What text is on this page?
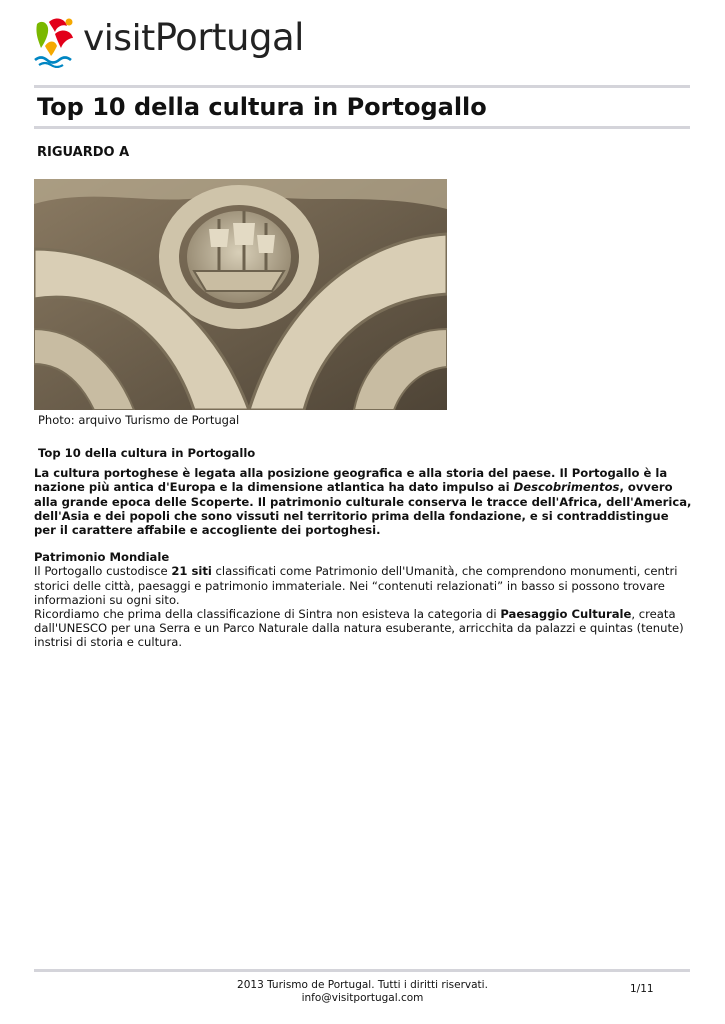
visitPortugal
Top 10 della cultura in Portogallo
RIGUARDO A
Photo: arquivo Turismo de Portugal

Top 10 della cultura in Portogallo

La cultura portoghese è legata alla posizione geografica e alla storia del paese. Il Portogallo è la nazione più antica d'Europa e la dimensione atlantica ha dato impulso ai Descobrimentos, ovvero alla grande epoca delle Scoperte. Il patrimonio culturale conserva le tracce dell'Africa, dell'America, dell'Asia e dei popoli che sono vissuti nel territorio prima della fondazione, e si contraddistingue per il carattere affabile e accogliente dei portoghesi.

Patrimonio Mondiale

Il Portogallo custodisce 21 siti classificati come Patrimonio dell'Umanità, che comprendono monumenti, centri storici delle città, paesaggi e patrimonio immateriale. Nei “contenuti relazionati” in basso si possono trovare informazioni su ogni sito.

Ricordiamo che prima della classificazione di Sintra non esisteva la categoria di Paesaggio Culturale, creata dall'UNESCO per una Serra e un Parco Naturale dalla natura esuberante, arricchita da palazzi e quintas (tenute) instrisi di storia e cultura.

2013 Turismo de Portugal. Tutti i diritti riservati.
info@visitportugal.com
1/11
